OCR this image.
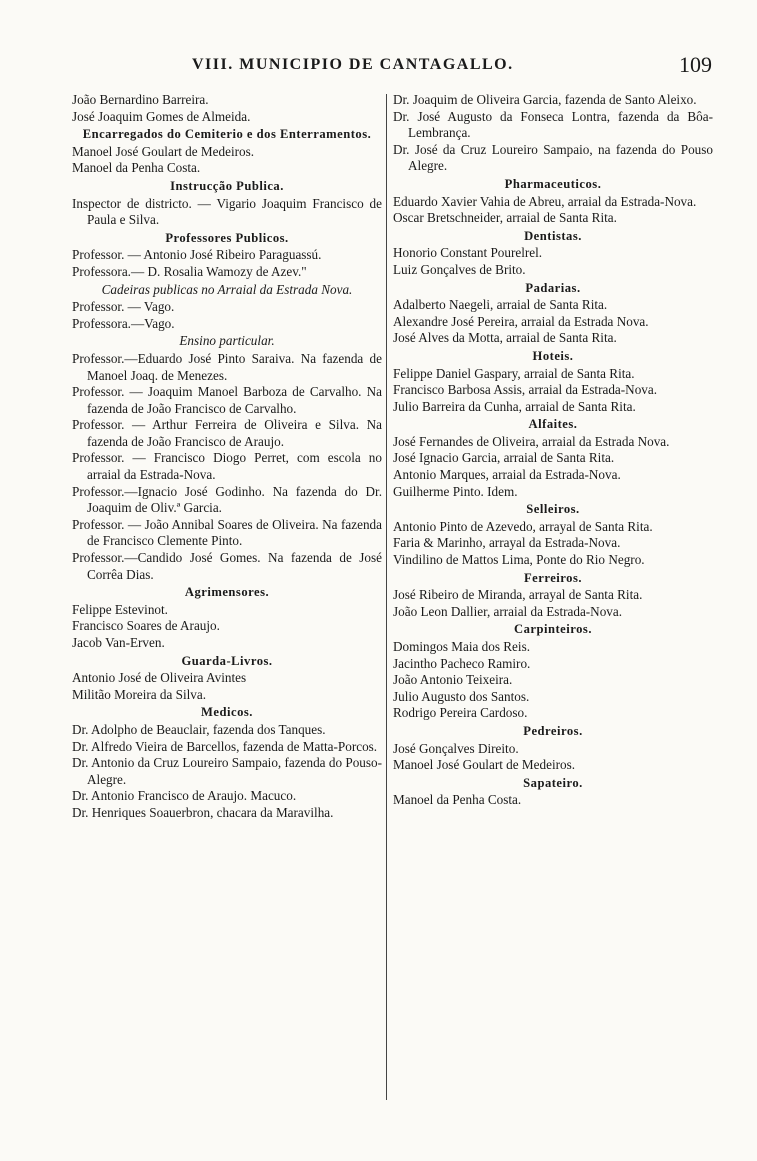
VIII. MUNICIPIO DE CANTAGALLO.	109
João Bernardino Barreira.
José Joaquim Gomes de Almeida.
Encarregados do Cemiterio e dos Enterramentos.
Manoel José Goulart de Medeiros.
Manoel da Penha Costa.
Instrucção Publica.
Inspector de districto. — Vigario Joaquim Francisco de Paula e Silva.
Professores Publicos.
Professor. — Antonio José Ribeiro Paraguassú.
Professora.— D. Rosalia Wamozy de Azev."
Cadeiras publicas no Arraial da Estrada Nova.
Professor. — Vago.
Professora.—Vago.
Ensino particular.
Professor.—Eduardo José Pinto Saraiva. Na fazenda de Manoel Joaq. de Menezes.
Professor. — Joaquim Manoel Barboza de Carvalho. Na fazenda de João Francisco de Carvalho.
Professor. — Arthur Ferreira de Oliveira e Silva. Na fazenda de João Francisco de Araujo.
Professor. — Francisco Diogo Perret, com escola no arraial da Estrada-Nova.
Professor.—Ignacio José Godinho. Na fazenda do Dr. Joaquim de Oliv.ª Garcia.
Professor. — João Annibal Soares de Oliveira. Na fazenda de Francisco Clemente Pinto.
Professor.—Candido José Gomes. Na fazenda de José Corrêa Dias.
Agrimensores.
Felippe Estevinot.
Francisco Soares de Araujo.
Jacob Van-Erven.
Guarda-Livros.
Antonio José de Oliveira Avintes
Militão Moreira da Silva.
Medicos.
Dr. Adolpho de Beauclair, fazenda dos Tanques.
Dr. Alfredo Vieira de Barcellos, fazenda de Matta-Porcos.
Dr. Antonio da Cruz Loureiro Sampaio, fazenda do Pouso-Alegre.
Dr. Antonio Francisco de Araujo. Macuco.
Dr. Henriques Soauerbron, chacara da Maravilha.
Dr. Joaquim de Oliveira Garcia, fazenda de Santo Aleixo.
Dr. José Augusto da Fonseca Lontra, fazenda da Bôa-Lembrança.
Dr. José da Cruz Loureiro Sampaio, na fazenda do Pouso Alegre.
Pharmaceuticos.
Eduardo Xavier Vahia de Abreu, arraial da Estrada-Nova.
Oscar Bretschneider, arraial de Santa Rita.
Dentistas.
Honorio Constant Pourelrel.
Luiz Gonçalves de Brito.
Padarias.
Adalberto Naegeli, arraial de Santa Rita.
Alexandre José Pereira, arraial da Estrada Nova.
José Alves da Motta, arraial de Santa Rita.
Hoteis.
Felippe Daniel Gaspary, arraial de Santa Rita.
Francisco Barbosa Assis, arraial da Estrada-Nova.
Julio Barreira da Cunha, arraial de Santa Rita.
Alfaites.
José Fernandes de Oliveira, arraial da Estrada Nova.
José Ignacio Garcia, arraial de Santa Rita.
Antonio Marques, arraial da Estrada-Nova.
Guilherme Pinto. Idem.
Selleiros.
Antonio Pinto de Azevedo, arrayal de Santa Rita.
Faria & Marinho, arrayal da Estrada-Nova.
Vindilino de Mattos Lima, Ponte do Rio Negro.
Ferreiros.
José Ribeiro de Miranda, arrayal de Santa Rita.
João Leon Dallier, arraial da Estrada-Nova.
Carpinteiros.
Domingos Maia dos Reis.
Jacintho Pacheco Ramiro.
João Antonio Teixeira.
Julio Augusto dos Santos.
Rodrigo Pereira Cardoso.
Pedreiros.
José Gonçalves Direito.
Manoel José Goulart de Medeiros.
Sapateiro.
Manoel da Penha Costa.
